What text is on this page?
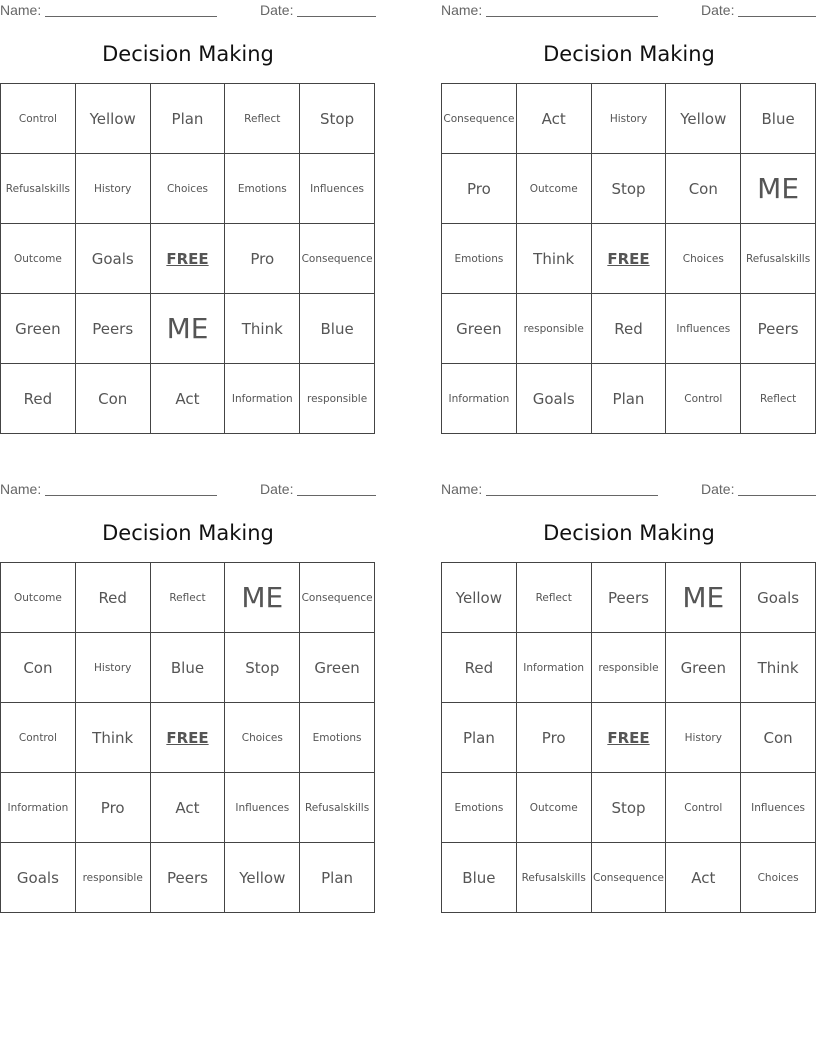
Name:	Date:
Decision Making
Control	Yellow	Plan	Reflect	Stop
Refusalskills	History	Choices	Emotions	Influences
Outcome	Goals	FREE	Pro	Consequence
Green	Peers	ME	Think	Blue
Red	Con	Act	Information	responsible
Name:	Date:
Decision Making
Consequence	Act	History	Yellow	Blue
Pro	Outcome	Stop	Con	ME
Emotions	Think	FREE	Choices	Refusalskills
Green	responsible	Red	Influences	Peers
Information	Goals	Plan	Control	Reflect
Name:	Date:
Decision Making
Outcome	Red	Reflect	ME	Consequence
Con	History	Blue	Stop	Green
Control	Think	FREE	Choices	Emotions
Information	Pro	Act	Influences	Refusalskills
Goals	responsible	Peers	Yellow	Plan
Name:	Date:
Decision Making
Yellow	Reflect	Peers	ME	Goals
Red	Information	responsible	Green	Think
Plan	Pro	FREE	History	Con
Emotions	Outcome	Stop	Control	Influences
Blue	Refusalskills	Consequence	Act	Choices
